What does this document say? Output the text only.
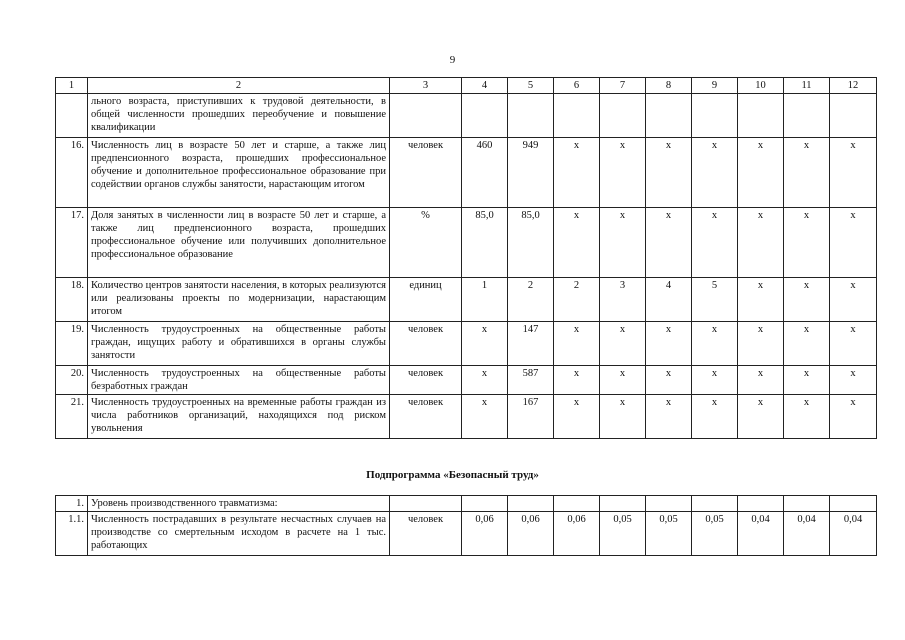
9
1	2	3	4	5	6	7	8	9	10	11	12
	льного возраста, приступивших к трудовой деятельности, в общей численности прошедших переобучение и повышение квалификации										
16.	Численность лиц в возрасте 50 лет и старше, а также лиц предпенсионного возраста, прошедших профессиональное обучение и дополнительное профессиональное образование при содействии органов службы занятости, нарастающим итогом	человек	460	949	x	x	x	x	x	x	x
17.	Доля занятых в численности лиц в возрасте 50 лет и старше, а также лиц предпенсионного возраста, прошедших профессиональное обучение или получивших дополнительное профессиональное образование	%	85,0	85,0	x	x	x	x	x	x	x
18.	Количество центров занятости населения, в которых реализуются или реализованы проекты по модернизации, нарастающим итогом	единиц	1	2	2	3	4	5	x	x	x
19.	Численность трудоустроенных на общественные работы граждан, ищущих работу и обратившихся в органы службы занятости	человек	x	147	x	x	x	x	x	x	x
20.	Численность трудоустроенных на общественные работы безработных граждан	человек	x	587	x	x	x	x	x	x	x
21.	Численность трудоустроенных на временные работы граждан из числа работников организаций, находящихся под риском увольнения	человек	x	167	x	x	x	x	x	x	x
Подпрограмма «Безопасный труд»
1.	Уровень производственного травматизма:										
1.1.	Численность пострадавших в результате несчастных случаев на производстве со смертельным исходом в расчете на 1 тыс. работающих	человек	0,06	0,06	0,06	0,05	0,05	0,05	0,04	0,04	0,04
